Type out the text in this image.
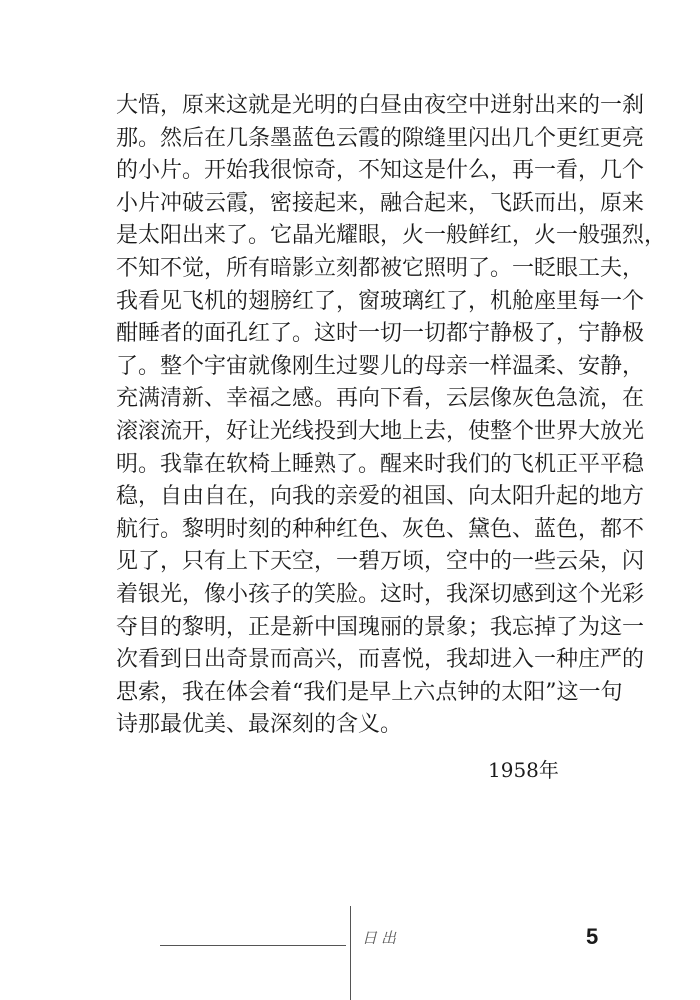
大悟，原来这就是光明的白昼由夜空中迸射出来的一刹
那。然后在几条墨蓝色云霞的隙缝里闪出几个更红更亮
的小片。开始我很惊奇，不知这是什么，再一看，几个
小片冲破云霞，密接起来，融合起来，飞跃而出，原来
是太阳出来了。它晶光耀眼，火一般鲜红，火一般强烈，
不知不觉，所有暗影立刻都被它照明了。一眨眼工夫，
我看见飞机的翅膀红了，窗玻璃红了，机舱座里每一个
酣睡者的面孔红了。这时一切一切都宁静极了，宁静极
了。整个宇宙就像刚生过婴儿的母亲一样温柔、安静，
充满清新、幸福之感。再向下看，云层像灰色急流，在
滚滚流开，好让光线投到大地上去，使整个世界大放光
明。我靠在软椅上睡熟了。醒来时我们的飞机正平平稳
稳，自由自在，向我的亲爱的祖国、向太阳升起的地方
航行。黎明时刻的种种红色、灰色、黛色、蓝色，都不
见了，只有上下天空，一碧万顷，空中的一些云朵，闪
着银光，像小孩子的笑脸。这时，我深切感到这个光彩
夺目的黎明，正是新中国瑰丽的景象；我忘掉了为这一
次看到日出奇景而高兴，而喜悦，我却进入一种庄严的
思索，我在体会着“我们是早上六点钟的太阳”这一句
诗那最优美、最深刻的含义。
1958年
日出	5
